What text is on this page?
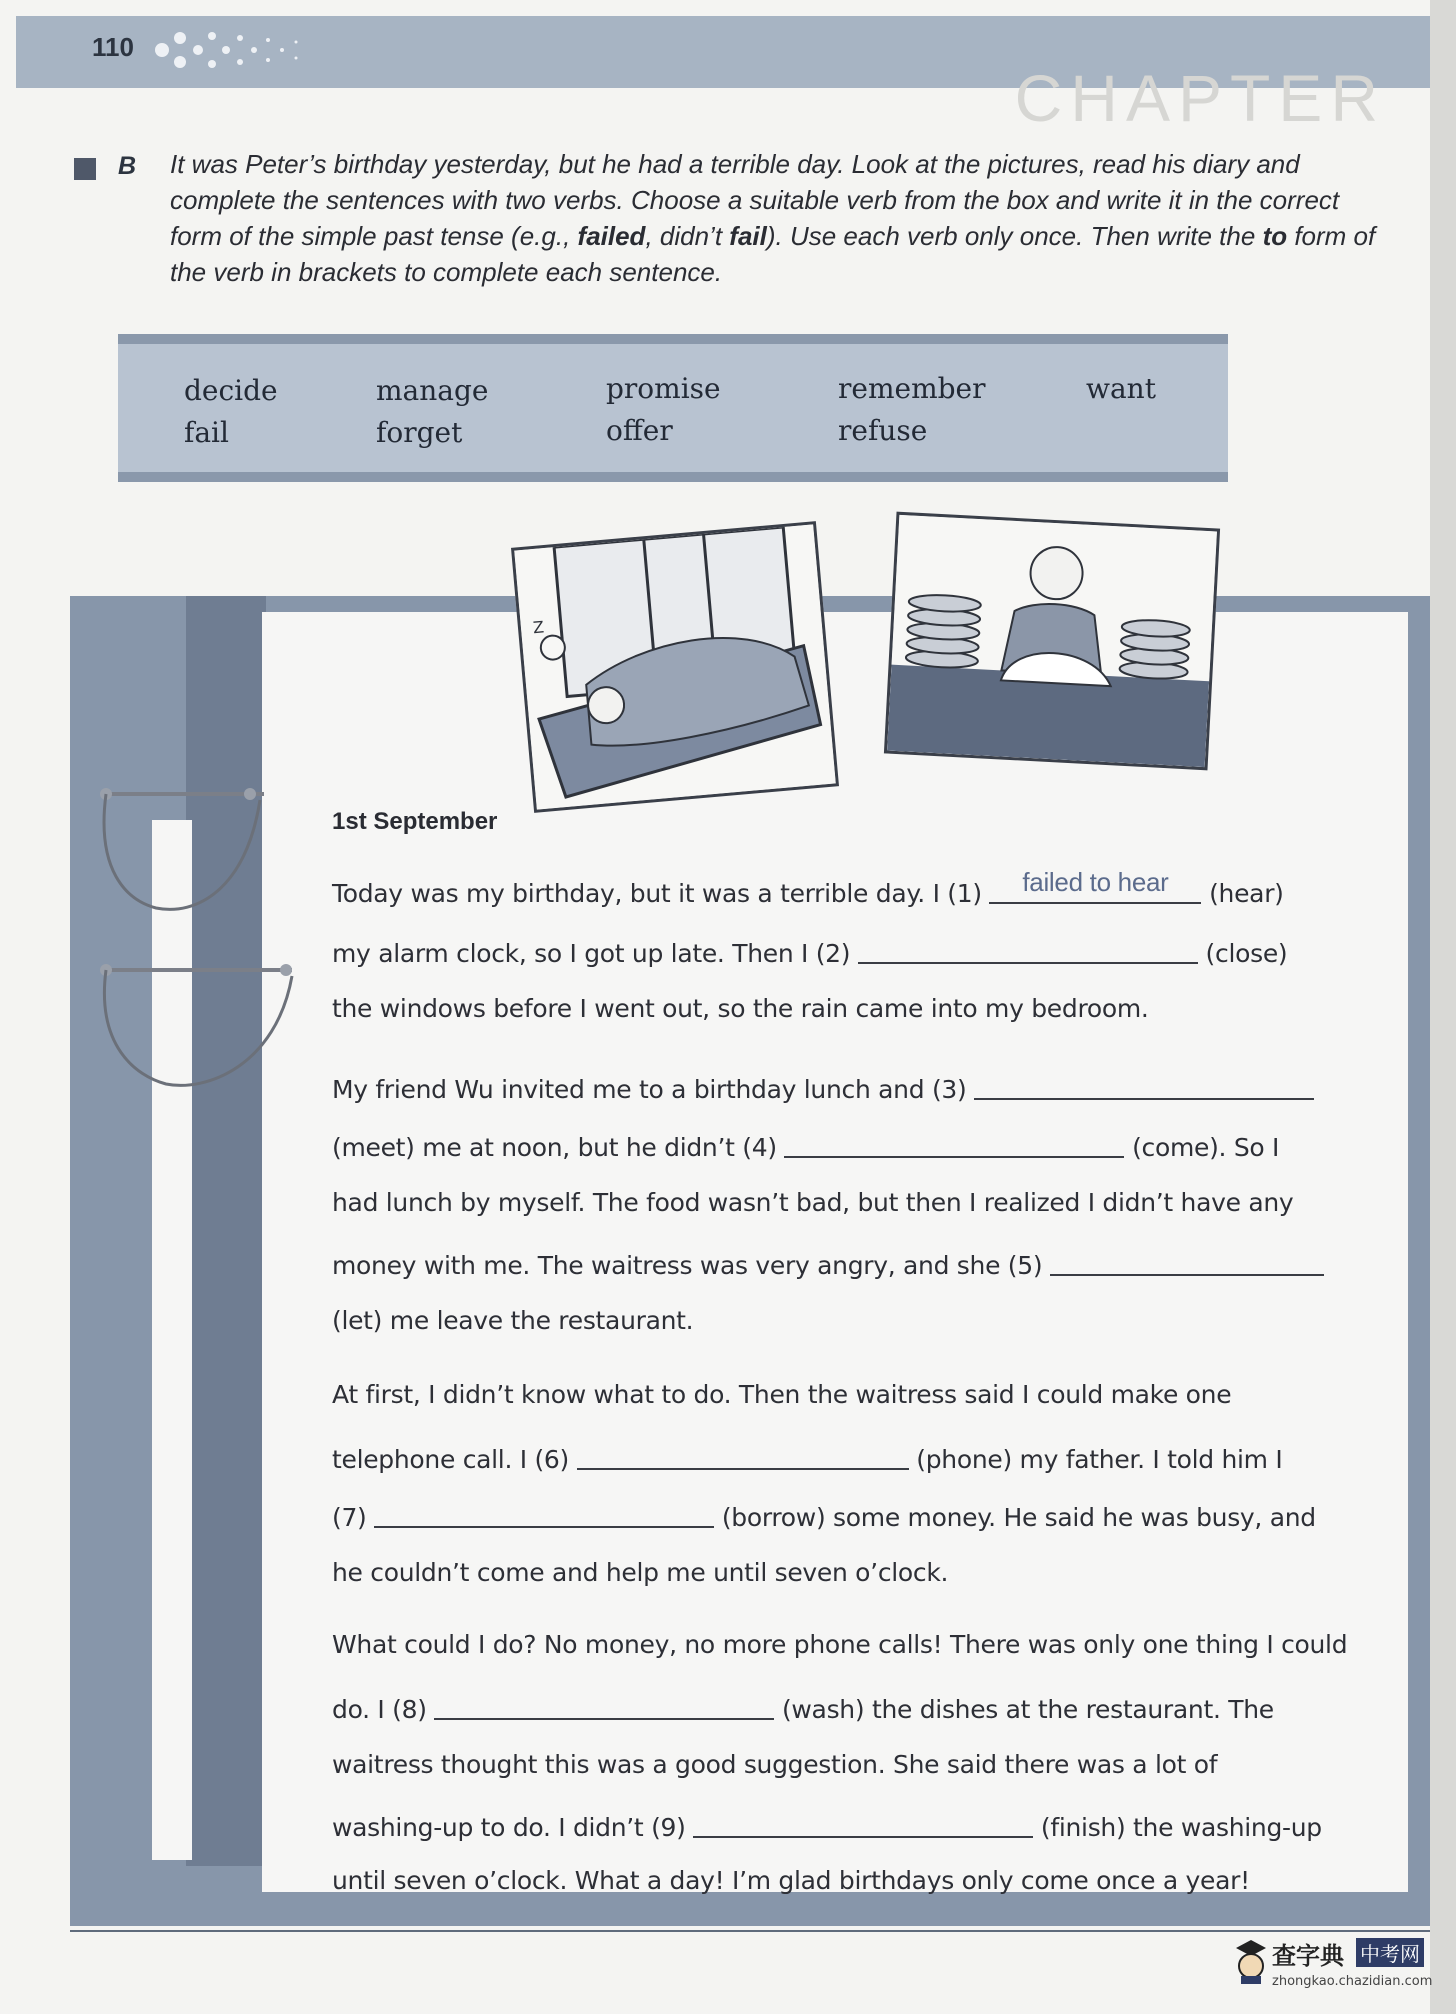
110
CHAPTER
B It was Peter’s birthday yesterday, but he had a terrible day. Look at the pictures, read his diary and complete the sentences with two verbs. Choose a suitable verb from the box and write it in the correct form of the simple past tense (e.g., failed, didn’t fail). Use each verb only once. Then write the to form of the verb in brackets to complete each sentence.

decide	manage	promise	remember	want
fail	forget	offer	refuse
Z
1st September
Today was my birthday, but it was a terrible day. I (1)	failed to hear	(hear)
my alarm clock, so I got up late. Then I (2)	(close)
the windows before I went out, so the rain came into my bedroom.
My friend Wu invited me to a birthday lunch and (3)
(meet) me at noon, but he didn’t (4)	(come). So I
had lunch by myself. The food wasn’t bad, but then I realized I didn’t have any
money with me. The waitress was very angry, and she (5)
(let) me leave the restaurant.
At first, I didn’t know what to do. Then the waitress said I could make one
telephone call. I (6)	(phone) my father. I told him I
(7)	(borrow) some money. He said he was busy, and
he couldn’t come and help me until seven o’clock.
What could I do? No money, no more phone calls! There was only one thing I could
do. I (8)	(wash) the dishes at the restaurant. The
waitress thought this was a good suggestion. She said there was a lot of
washing-up to do. I didn’t (9)	(finish) the washing-up
until seven o’clock. What a day! I’m glad birthdays only come once a year!
查字典 中考网
zhongkao.chazidian.com
